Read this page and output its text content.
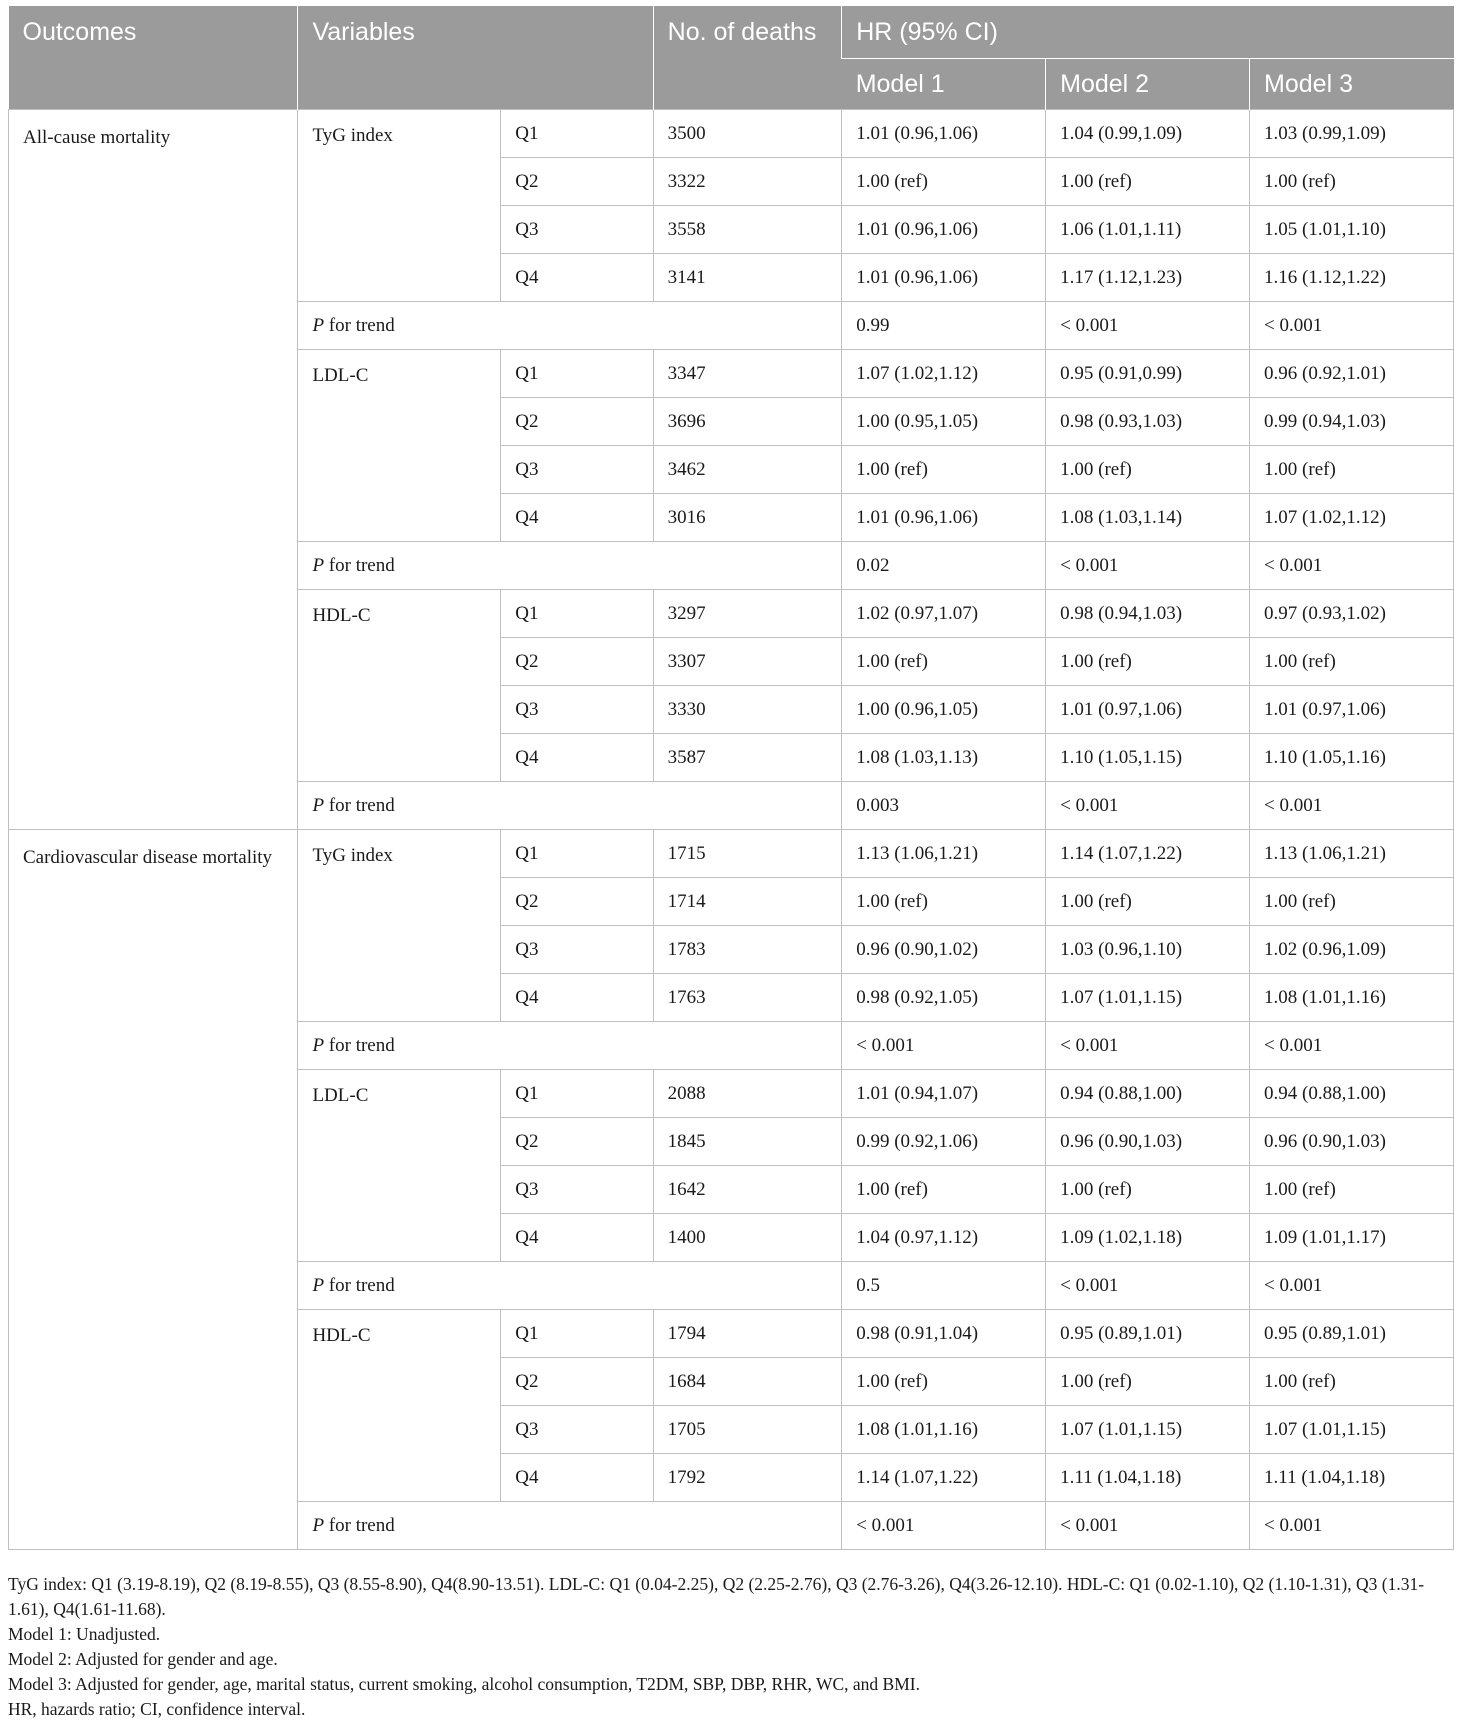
Outcomes	Variables		No. of deaths	HR (95% CI)		
				Model 1	Model 2	Model 3
All-cause mortality	TyG index	Q1	3500	1.01 (0.96,1.06)	1.04 (0.99,1.09)	1.03 (0.99,1.09)
		Q2	3322	1.00 (ref)	1.00 (ref)	1.00 (ref)
		Q3	3558	1.01 (0.96,1.06)	1.06 (1.01,1.11)	1.05 (1.01,1.10)
		Q4	3141	1.01 (0.96,1.06)	1.17 (1.12,1.23)	1.16 (1.12,1.22)
	P for trend			0.99	< 0.001	< 0.001
	LDL-C	Q1	3347	1.07 (1.02,1.12)	0.95 (0.91,0.99)	0.96 (0.92,1.01)
		Q2	3696	1.00 (0.95,1.05)	0.98 (0.93,1.03)	0.99 (0.94,1.03)
		Q3	3462	1.00 (ref)	1.00 (ref)	1.00 (ref)
		Q4	3016	1.01 (0.96,1.06)	1.08 (1.03,1.14)	1.07 (1.02,1.12)
	P for trend			0.02	< 0.001	< 0.001
	HDL-C	Q1	3297	1.02 (0.97,1.07)	0.98 (0.94,1.03)	0.97 (0.93,1.02)
		Q2	3307	1.00 (ref)	1.00 (ref)	1.00 (ref)
		Q3	3330	1.00 (0.96,1.05)	1.01 (0.97,1.06)	1.01 (0.97,1.06)
		Q4	3587	1.08 (1.03,1.13)	1.10 (1.05,1.15)	1.10 (1.05,1.16)
	P for trend			0.003	< 0.001	< 0.001
Cardiovascular disease mortality	TyG index	Q1	1715	1.13 (1.06,1.21)	1.14 (1.07,1.22)	1.13 (1.06,1.21)
		Q2	1714	1.00 (ref)	1.00 (ref)	1.00 (ref)
		Q3	1783	0.96 (0.90,1.02)	1.03 (0.96,1.10)	1.02 (0.96,1.09)
		Q4	1763	0.98 (0.92,1.05)	1.07 (1.01,1.15)	1.08 (1.01,1.16)
	P for trend			< 0.001	< 0.001	< 0.001
	LDL-C	Q1	2088	1.01 (0.94,1.07)	0.94 (0.88,1.00)	0.94 (0.88,1.00)
		Q2	1845	0.99 (0.92,1.06)	0.96 (0.90,1.03)	0.96 (0.90,1.03)
		Q3	1642	1.00 (ref)	1.00 (ref)	1.00 (ref)
		Q4	1400	1.04 (0.97,1.12)	1.09 (1.02,1.18)	1.09 (1.01,1.17)
	P for trend			0.5	< 0.001	< 0.001
	HDL-C	Q1	1794	0.98 (0.91,1.04)	0.95 (0.89,1.01)	0.95 (0.89,1.01)
		Q2	1684	1.00 (ref)	1.00 (ref)	1.00 (ref)
		Q3	1705	1.08 (1.01,1.16)	1.07 (1.01,1.15)	1.07 (1.01,1.15)
		Q4	1792	1.14 (1.07,1.22)	1.11 (1.04,1.18)	1.11 (1.04,1.18)
	P for trend			< 0.001	< 0.001	< 0.001

TyG index: Q1 (3.19-8.19), Q2 (8.19-8.55), Q3 (8.55-8.90), Q4(8.90-13.51). LDL-C: Q1 (0.04-2.25), Q2 (2.25-2.76), Q3 (2.76-3.26), Q4(3.26-12.10). HDL-C: Q1 (0.02-1.10), Q2 (1.10-1.31), Q3 (1.31-1.61), Q4(1.61-11.68).

Model 1: Unadjusted.

Model 2: Adjusted for gender and age.

Model 3: Adjusted for gender, age, marital status, current smoking, alcohol consumption, T2DM, SBP, DBP, RHR, WC, and BMI.

HR, hazards ratio; CI, confidence interval.
